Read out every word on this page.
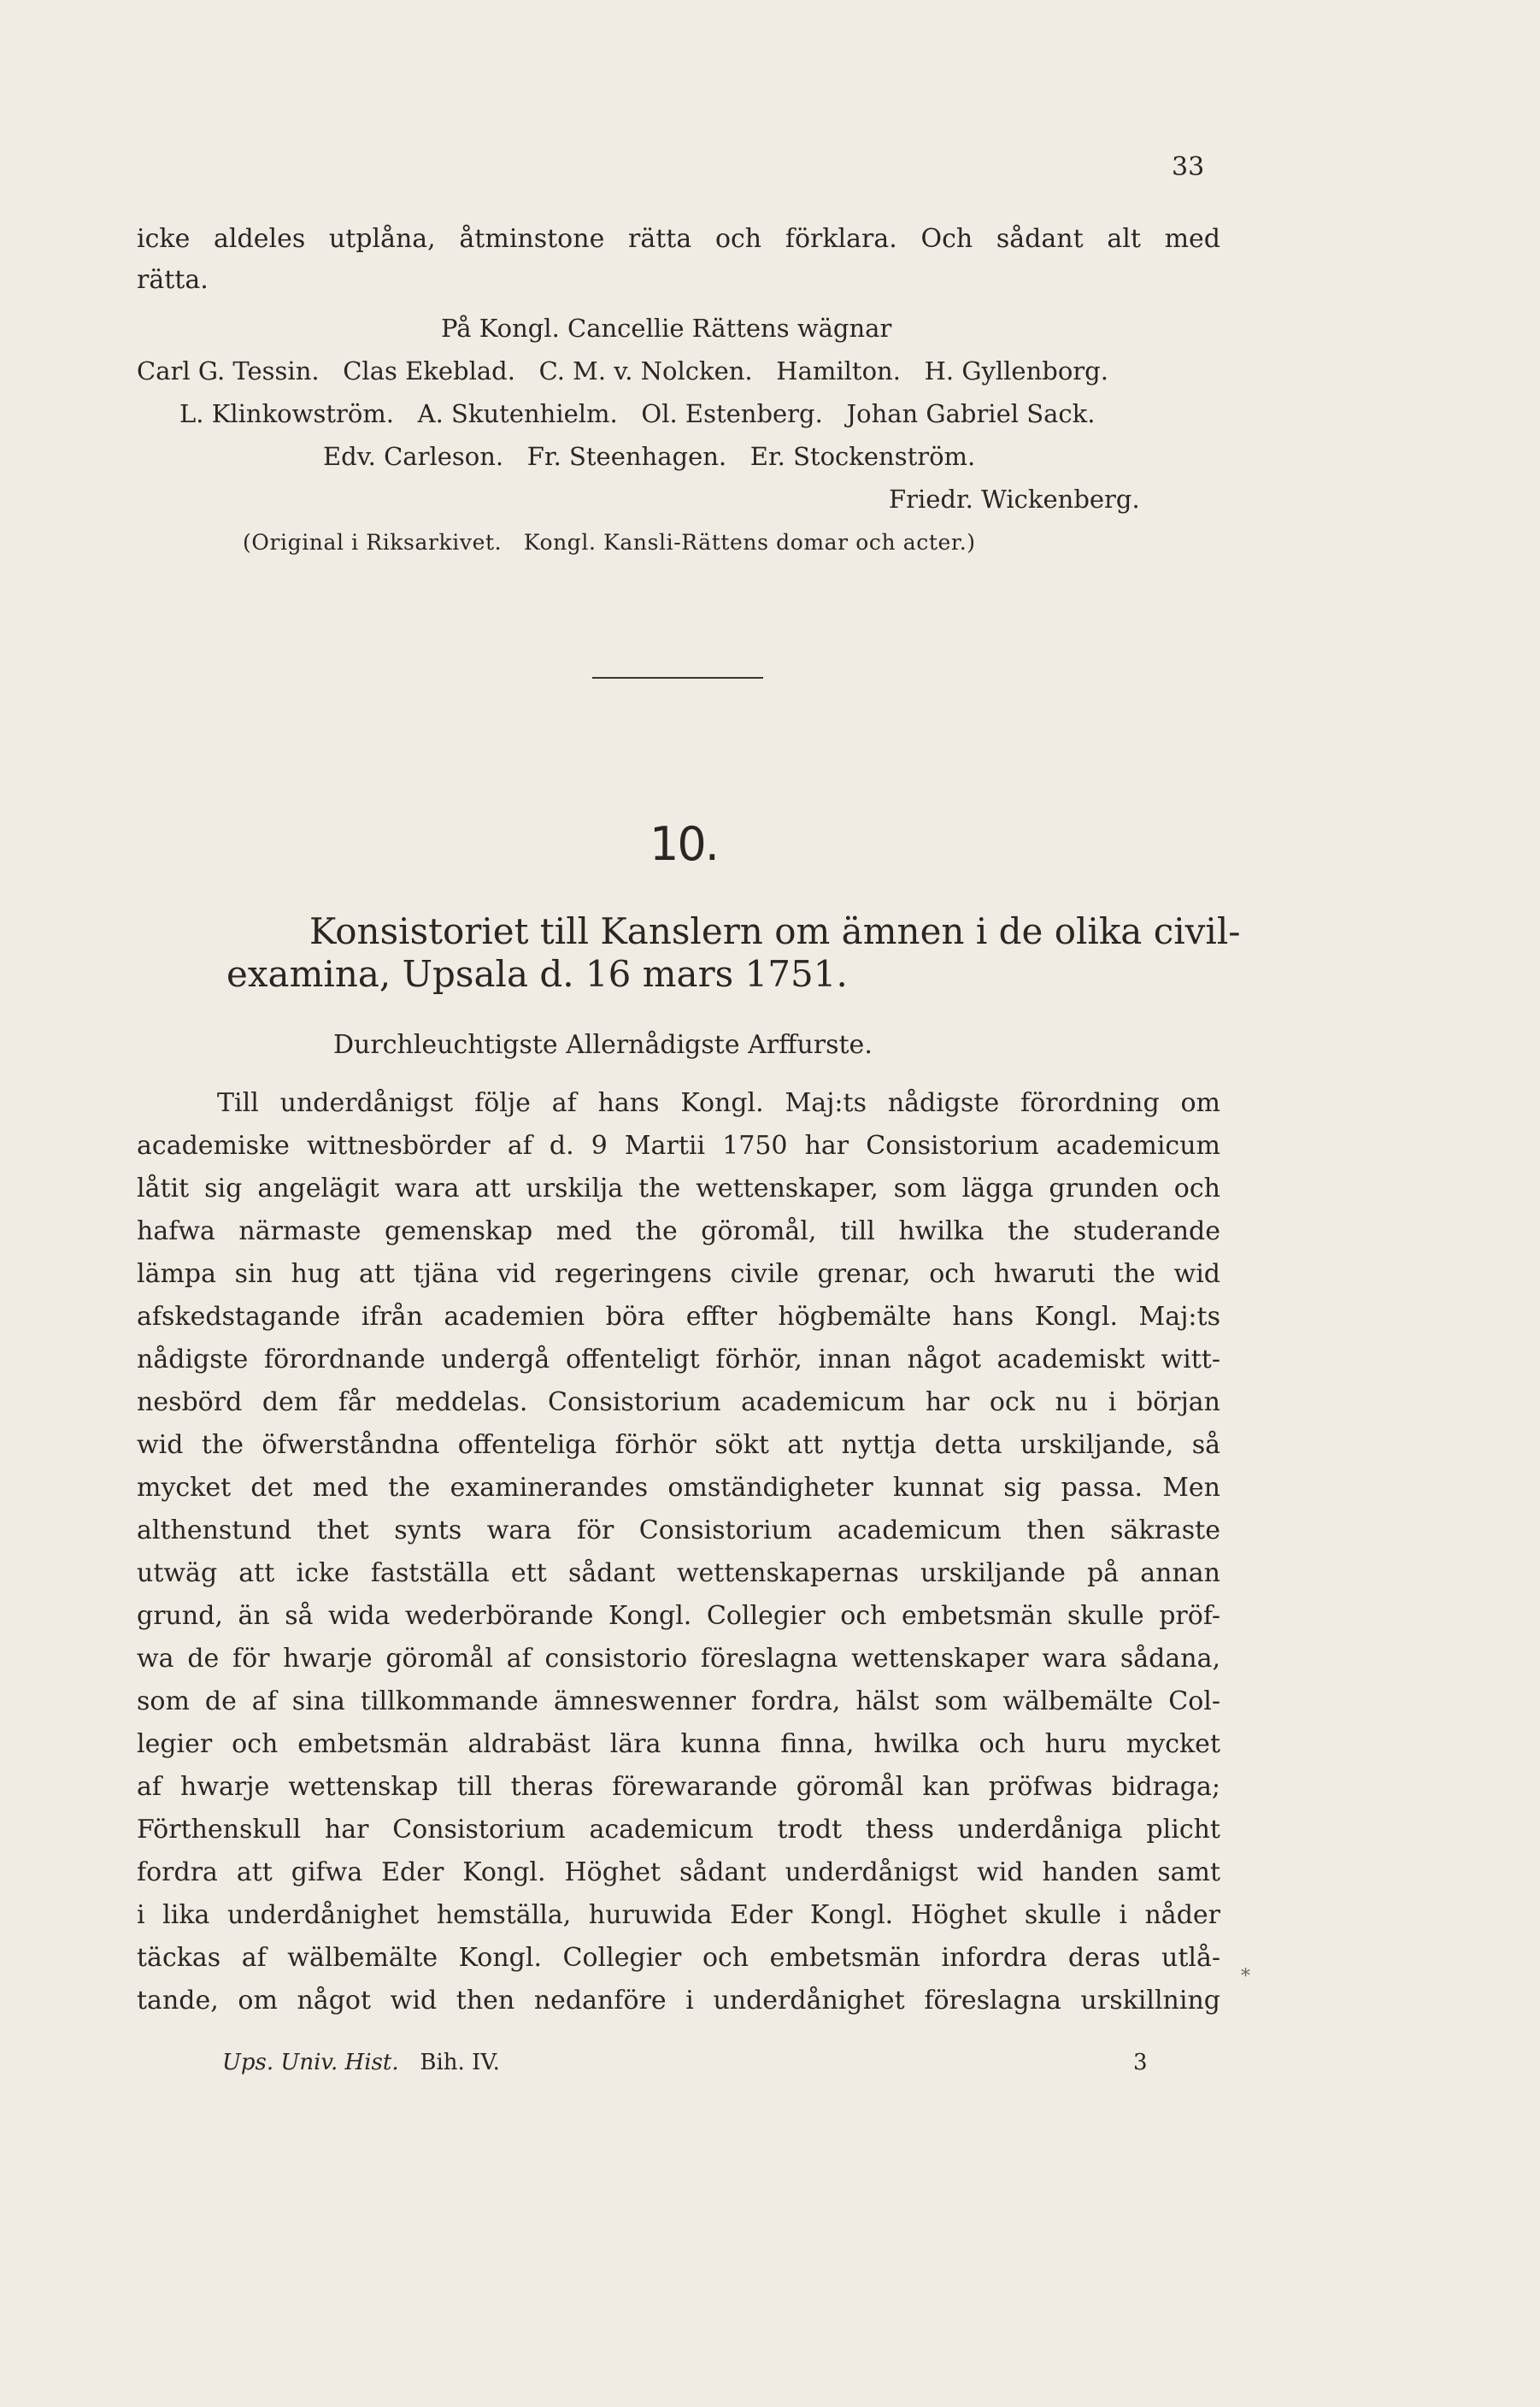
33
icke aldeles utplåna, åtminstone rätta och förklara. Och sådant alt med
rätta.
På Kongl. Cancellie Rättens wägnar
Carl G. Tessin.   Clas Ekeblad.   C. M. v. Nolcken.   Hamilton.   H. Gyllenborg.
L. Klinkowström.   A. Skutenhielm.   Ol. Estenberg.   Johan Gabriel Sack.
Edv. Carleson.   Fr. Steenhagen.   Er. Stockenström.
Friedr. Wickenberg.
(Original i Riksarkivet.   Kongl. Kansli-Rättens domar och acter.)
10.
Konsistoriet till Kanslern om ämnen i de olika civil-
examina, Upsala d. 16 mars 1751.
Durchleuchtigste Allernådigste Arffurste.
Till underdånigst följe af hans Kongl. Maj:ts nådigste förordning om
academiske wittnesbörder af d. 9 Martii 1750 har Consistorium academicum
låtit sig angelägit wara att urskilja the wettenskaper, som lägga grunden och
hafwa närmaste gemenskap med the göromål, till hwilka the studerande
lämpa sin hug att tjäna vid regeringens civile grenar, och hwaruti the wid
afskedstagande ifrån academien böra effter högbemälte hans Kongl. Maj:ts
nådigste förordnande undergå offenteligt förhör, innan något academiskt witt-
nesbörd dem får meddelas. Consistorium academicum har ock nu i början
wid the öfwerståndna offenteliga förhör sökt att nyttja detta urskiljande, så
mycket det med the examinerandes omständigheter kunnat sig passa. Men
althenstund thet synts wara för Consistorium academicum then säkraste
utwäg att icke fastställa ett sådant wettenskapernas urskiljande på annan
grund, än så wida wederbörande Kongl. Collegier och embetsmän skulle pröf-
wa de för hwarje göromål af consistorio föreslagna wettenskaper wara sådana,
som de af sina tillkommande ämneswenner fordra, hälst som wälbemälte Col-
legier och embetsmän aldrabäst lära kunna finna, hwilka och huru mycket
af hwarje wettenskap till theras förewarande göromål kan pröfwas bidraga;
Förthenskull har Consistorium academicum trodt thess underdåniga plicht
fordra att gifwa Eder Kongl. Höghet sådant underdånigst wid handen samt
i lika underdånighet hemställa, huruwida Eder Kongl. Höghet skulle i nåder
täckas af wälbemälte Kongl. Collegier och embetsmän infordra deras utlå-
tande, om något wid then nedanföre i underdånighet föreslagna urskillning
*
Ups. Univ. Hist. Bih. IV.	3
